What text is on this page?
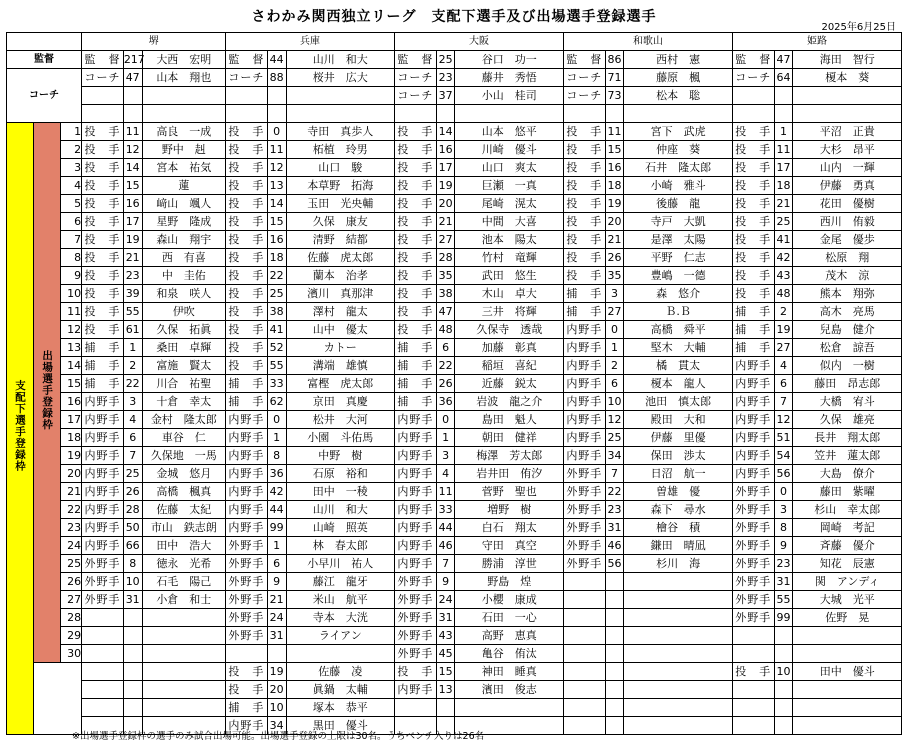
さわかみ関西独立リーグ　支配下選手及び出場選手登録選手
2025年6月25日
			堺			兵庫			大阪			和歌山			姫路		
監督			監　督	217	大西　宏明	監　督	44	山川　和大	監　督	25	谷口　功一	監　督	86	西村　憲	監　督	47	海田　智行
コーチ			コーチ	47	山本　翔也	コーチ	88	桜井　広大	コーチ	23	藤井　秀悟	コーチ	71	藤原　楓	コーチ	64	榎本　葵
									コーチ	37	小山　桂司	コーチ	73	松本　聡			

支配下選手登録枠	出場選手登録枠	1	投　手	11	高良　一成	投　手	0	寺田　真歩人	投　手	14	山本　悠平	投　手	11	宮下　武虎	投　手	1	平沼　正貴
		2	投　手	12	野中　赳	投　手	11	柘植　玲男	投　手	16	川崎　優斗	投　手	15	仲座　葵	投　手	11	大杉　昂平
		3	投　手	14	宮本　祐気	投　手	12	山口　駿	投　手	17	山口　爽太	投　手	16	石井　隆太郎	投　手	17	山内　一輝
		4	投　手	15	蓮	投　手	13	本草野　拓海	投　手	19	巨瀬　一真	投　手	18	小崎　雅斗	投　手	18	伊藤　勇真
		5	投　手	16	﨑山　颯人	投　手	14	玉田　光央輔	投　手	20	尾崎　滉太	投　手	19	後藤　龍	投　手	21	花田　優樹
		6	投　手	17	星野　隆成	投　手	15	久保　康友	投　手	21	中間　大喜	投　手	20	寺戸　大凱	投　手	25	西川　侑毅
		7	投　手	19	森山　翔宇	投　手	16	清野　結都	投　手	27	池本　陽太	投　手	21	是澤　太陽	投　手	41	金尾　優歩
		8	投　手	21	西　有喜	投　手	18	佐藤　虎太郎	投　手	28	竹村　竜輝	投　手	26	平野　仁志	投　手	42	松原　翔
		9	投　手	23	中　圭佑	投　手	22	蘭本　治孝	投　手	35	武田　悠生	投　手	35	豊嶋　一德	投　手	43	茂木　涼
		10	投　手	39	和泉　咲人	投　手	25	濱川　真那津	投　手	38	木山　卓大	捕　手	3	森　悠介	投　手	48	熊本　翔弥
		11	投　手	55	伊吹	投　手	38	澤村　龍太	投　手	47	三井　将輝	捕　手	27	Ｂ.Ｂ	捕　手	2	高木　亮馬
		12	投　手	61	久保　拓眞	投　手	41	山中　優太	投　手	48	久保寺　透哉	内野手	0	高橋　舜平	捕　手	19	兒島　健介
		13	捕　手	1	桑田　卓輝	投　手	52	カトー	捕　手	6	加藤　彰真	内野手	1	堅木　大輔	捕　手	27	松倉　諒吾
		14	捕　手	2	富施　賢太	投　手	55	溝端　雄慎	捕　手	22	稲垣　喜紀	内野手	2	橘　貫太	内野手	4	似内　一樹
		15	捕　手	22	川合　祐聖	捕　手	33	富樫　虎太郎	捕　手	26	近藤　鋭太	内野手	6	榎本　龍人	内野手	6	藤田　昂志郎
		16	内野手	3	十倉　幸太	捕　手	62	京田　真慶	捕　手	36	岩波　龍之介	内野手	10	池田　慎太郎	内野手	7	大橋　宥斗
		17	内野手	4	金村　隆太郎	内野手	0	松井　大河	内野手	0	島田　魁人	内野手	12	殿田　大和	内野手	12	久保　雄亮
		18	内野手	6	車谷　仁	内野手	1	小園　斗佑馬	内野手	1	朝田　健祥	内野手	25	伊藤　里優	内野手	51	長井　翔太郎
		19	内野手	7	久保地　一馬	内野手	8	中野　樹	内野手	3	梅澤　芳太郎	内野手	34	保田　渉太	内野手	54	笠井　蓮太郎
		20	内野手	25	金城　悠月	内野手	36	石原　裕和	内野手	4	岩井田　侑汐	外野手	7	日沼　航一	内野手	56	大島　僚介
		21	内野手	26	高橋　楓真	内野手	42	田中　一稜	内野手	11	菅野　聖也	外野手	22	曽雄　優	外野手	0	藤田　紫曜
		22	内野手	28	佐藤　太紀	内野手	44	山川　和大	内野手	33	増野　樹	外野手	23	森下　尋水	外野手	3	杉山　幸太郎
		23	内野手	50	市山　鉄志朗	内野手	99	山崎　照英	内野手	44	白石　翔太	外野手	31	檜谷　積	外野手	8	岡崎　考記
		24	内野手	66	田中　浩大	外野手	1	林　春太郎	内野手	46	守田　真空	外野手	46	鎌田　晴凪	外野手	9	斉藤　優介
		25	外野手	8	徳永　光希	外野手	6	小早川　祐人	内野手	7	勝浦　淳世	外野手	56	杉川　海	外野手	23	知花　辰憲
		26	外野手	10	石毛　陽己	外野手	9	藤江　龍牙	外野手	9	野島　煌				外野手	31	関　アンディ
		27	外野手	31	小倉　和士	外野手	21	米山　航平	外野手	24	小櫻　康成				外野手	55	大城　光平
		28				外野手	24	寺本　大洸	外野手	31	石田　一心				外野手	99	佐野　晃
		29				外野手	31	ライアン	外野手	43	高野　恵真						
		30							外野手	45	亀谷　侑汰						
						投　手	19	佐藤　凌	投　手	15	神田　睡真				投　手	10	田中　優斗
						投　手	20	眞鍋　太輔	内野手	13	濱田　俊志						
						捕　手	10	塚本　恭平									
						内野手	34	黒田　優斗									
※出場選手登録枠の選手のみ試合出場可能。出場選手登録の上限は30名。うちベンチ入りは26名
